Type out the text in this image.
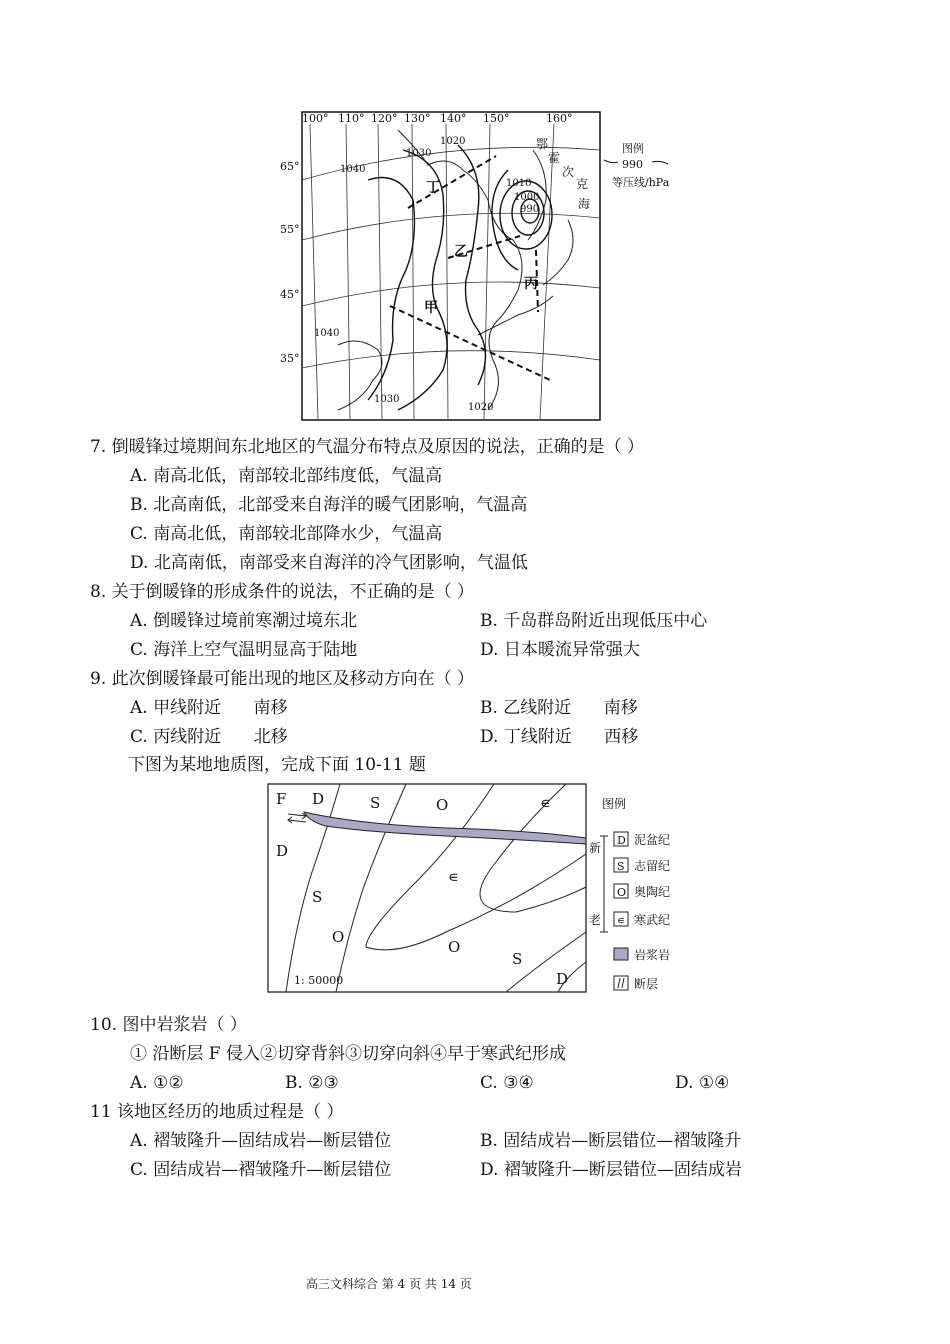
100° 110° 120° 130° 140° 150°	160°
65°
55°
45°
35°
1040
1030
1020
1010
1000
990
1040
1030
1020
丁
乙
丙
甲
鄂
霍
次
克
海
图例
990
等压线/hPa
7. 倒暖锋过境期间东北地区的气温分布特点及原因的说法，正确的是（ ）
A. 南高北低，南部较北部纬度低，气温高
B. 北高南低，北部受来自海洋的暖气团影响，气温高
C. 南高北低，南部较北部降水少，气温高
D. 北高南低，南部受来自海洋的冷气团影响，气温低
8. 关于倒暖锋的形成条件的说法，不正确的是（ ）
A. 倒暖锋过境前寒潮过境东北	B. 千岛群岛附近出现低压中心
C. 海洋上空气温明显高于陆地	D. 日本暖流异常强大
9. 此次倒暖锋最可能出现的地区及移动方向在（ ）
A. 甲线附近      南移	B. 乙线附近      南移
C. 丙线附近      北移	D. 丁线附近      西移
下图为某地地质图，完成下面 10-11 题
F D	S	O	∊
D
S
∊
O
O
S
D
1: 50000
图例
新
老
D 泥盆纪
S 志留纪
O 奥陶纪
∊ 寒武纪
岩浆岩
断层
10. 图中岩浆岩（ ）
① 沿断层 F 侵入②切穿背斜③切穿向斜④早于寒武纪形成
A. ①②	B. ②③	C. ③④	D. ①④
11 该地区经历的地质过程是（ ）
A. 褶皱隆升—固结成岩—断层错位	B. 固结成岩—断层错位—褶皱隆升
C. 固结成岩—褶皱隆升—断层错位	D. 褶皱隆升—断层错位—固结成岩
高三文科综合 第 4 页 共 14 页
